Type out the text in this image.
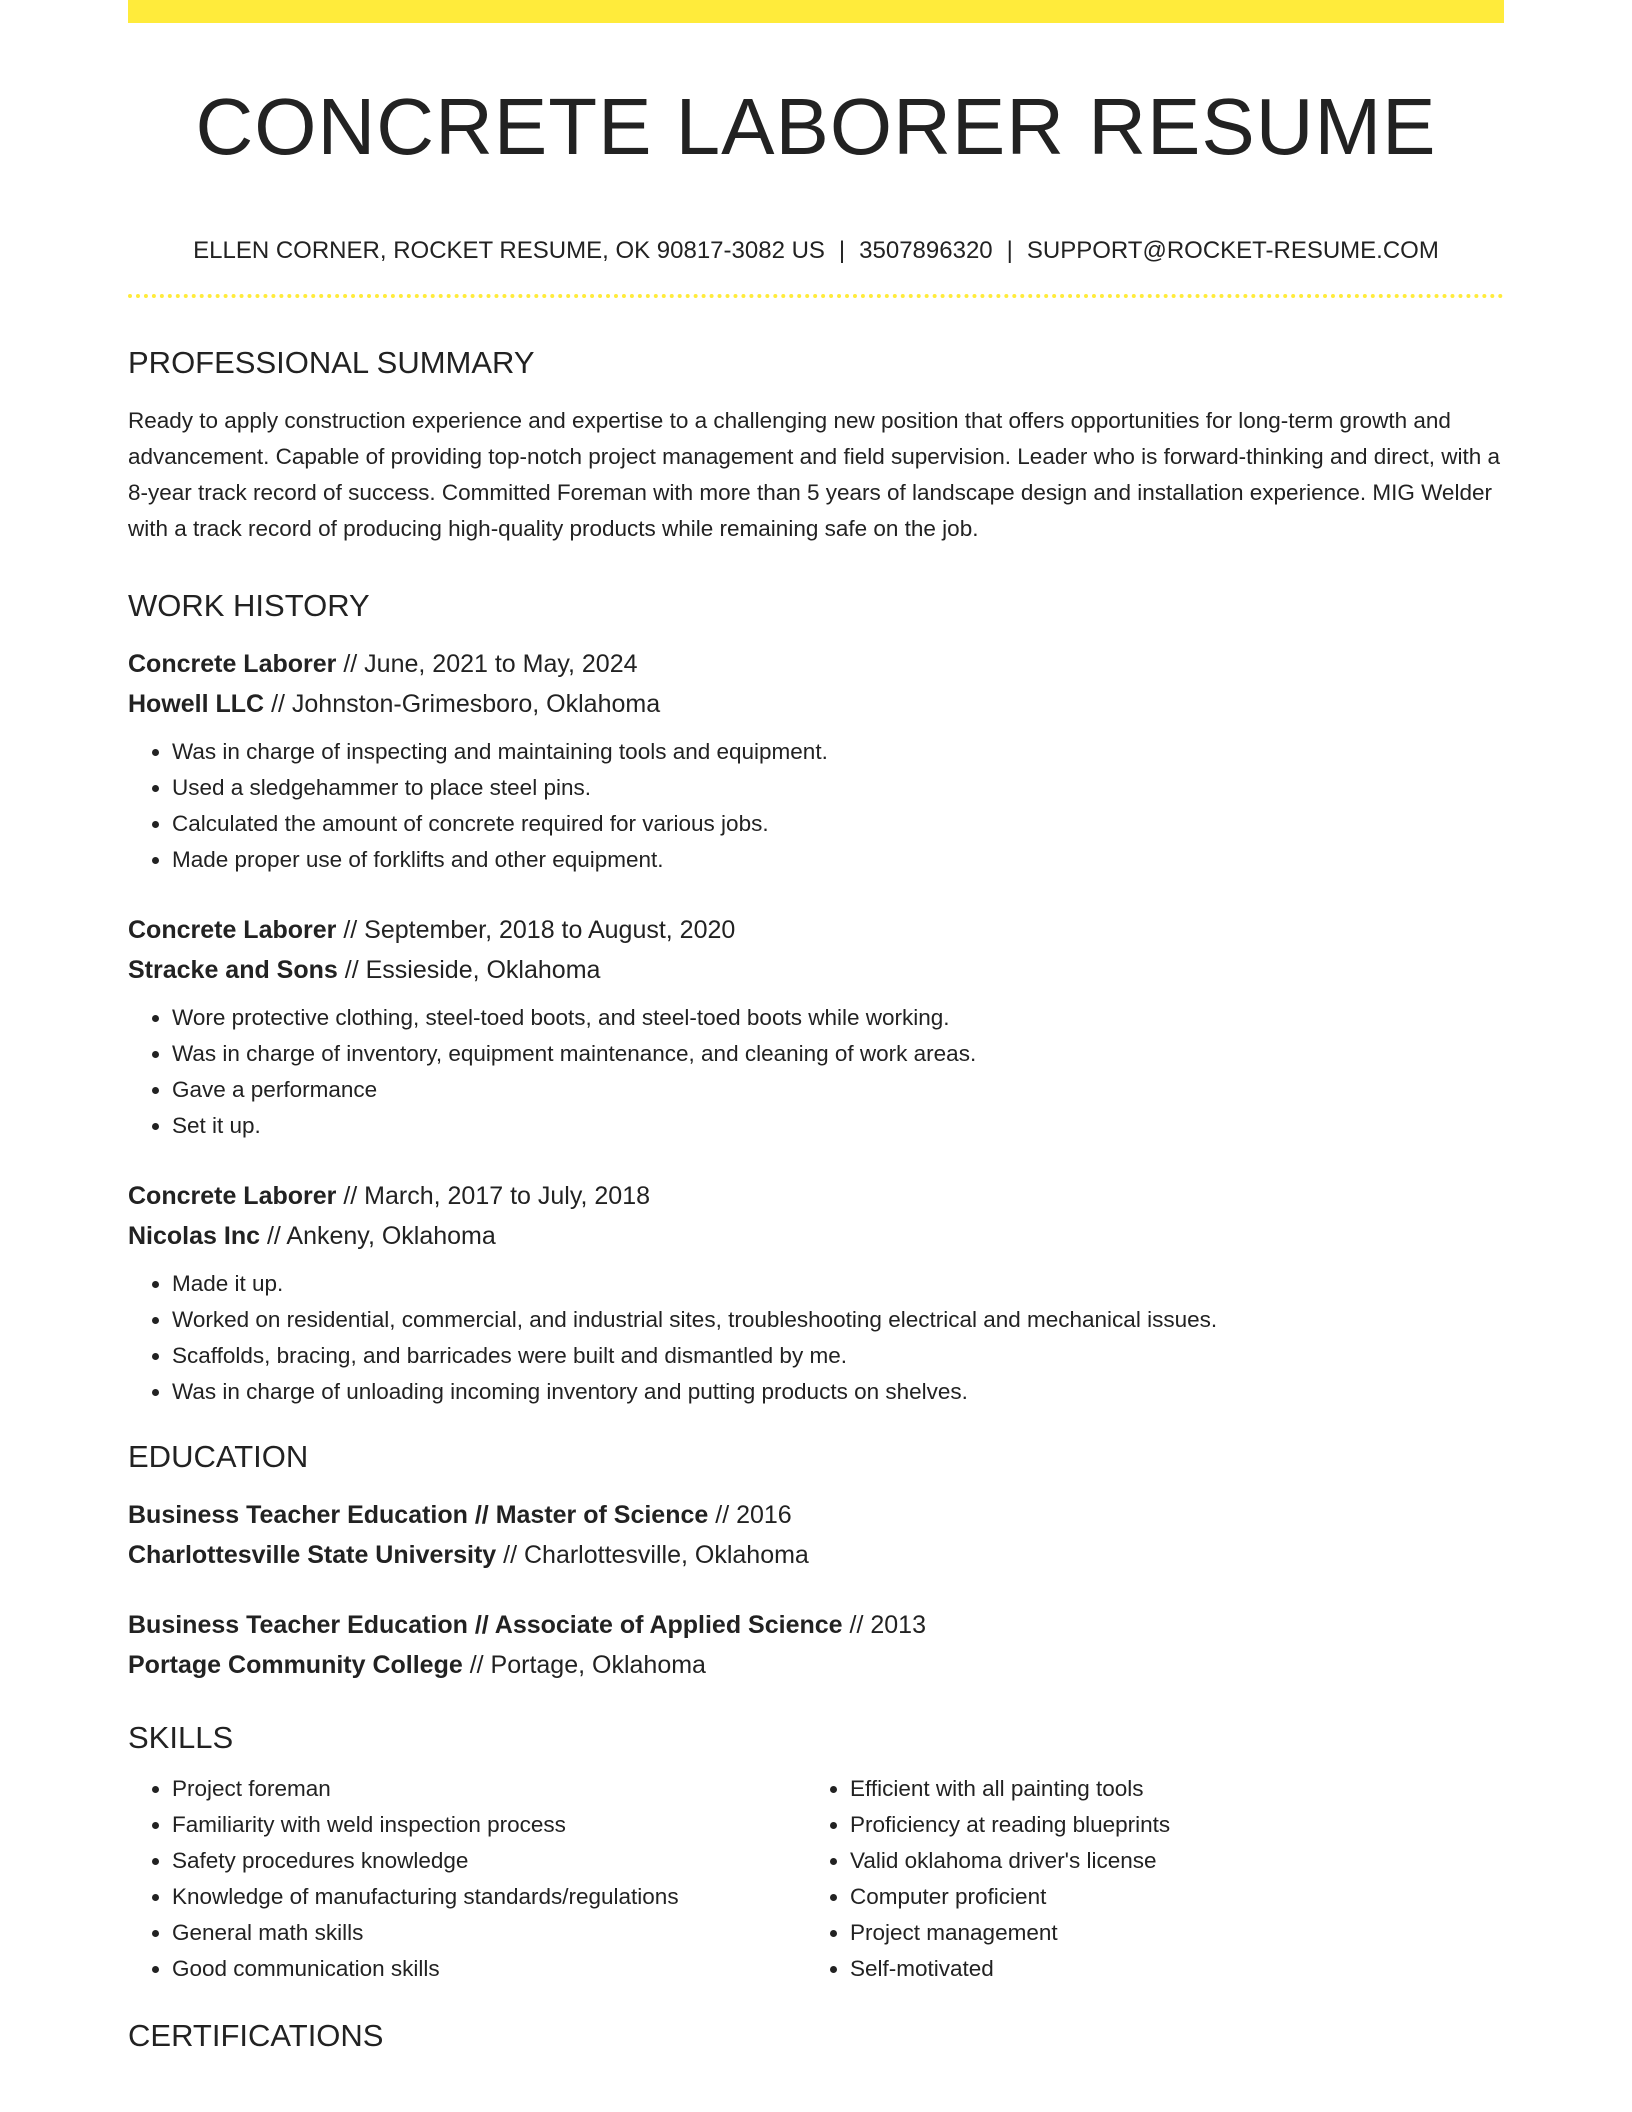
CONCRETE LABORER RESUME
ELLEN CORNER, ROCKET RESUME, OK 90817-3082 US | 3507896320 | SUPPORT@ROCKET-RESUME.COM
PROFESSIONAL SUMMARY

Ready to apply construction experience and expertise to a challenging new position that offers opportunities for long-term growth and advancement. Capable of providing top-notch project management and field supervision. Leader who is forward-thinking and direct, with a 8-year track record of success. Committed Foreman with more than 5 years of landscape design and installation experience. MIG Welder with a track record of producing high-quality products while remaining safe on the job.

WORK HISTORY
Concrete Laborer // June, 2021 to May, 2024
Howell LLC // Johnston-Grimesboro, Oklahoma
• Was in charge of inspecting and maintaining tools and equipment.
• Used a sledgehammer to place steel pins.
• Calculated the amount of concrete required for various jobs.
• Made proper use of forklifts and other equipment.
Concrete Laborer // September, 2018 to August, 2020
Stracke and Sons // Essieside, Oklahoma
• Wore protective clothing, steel-toed boots, and steel-toed boots while working.
• Was in charge of inventory, equipment maintenance, and cleaning of work areas.
• Gave a performance
• Set it up.
Concrete Laborer // March, 2017 to July, 2018
Nicolas Inc // Ankeny, Oklahoma
• Made it up.
• Worked on residential, commercial, and industrial sites, troubleshooting electrical and mechanical issues.
• Scaffolds, bracing, and barricades were built and dismantled by me.
• Was in charge of unloading incoming inventory and putting products on shelves.
EDUCATION
Business Teacher Education // Master of Science // 2016
Charlottesville State University // Charlottesville, Oklahoma
Business Teacher Education // Associate of Applied Science // 2013
Portage Community College // Portage, Oklahoma
SKILLS
• Project foreman
• Familiarity with weld inspection process
• Safety procedures knowledge
• Knowledge of manufacturing standards/regulations
• General math skills
• Good communication skills
• Efficient with all painting tools
• Proficiency at reading blueprints
• Valid oklahoma driver's license
• Computer proficient
• Project management
• Self-motivated
CERTIFICATIONS
